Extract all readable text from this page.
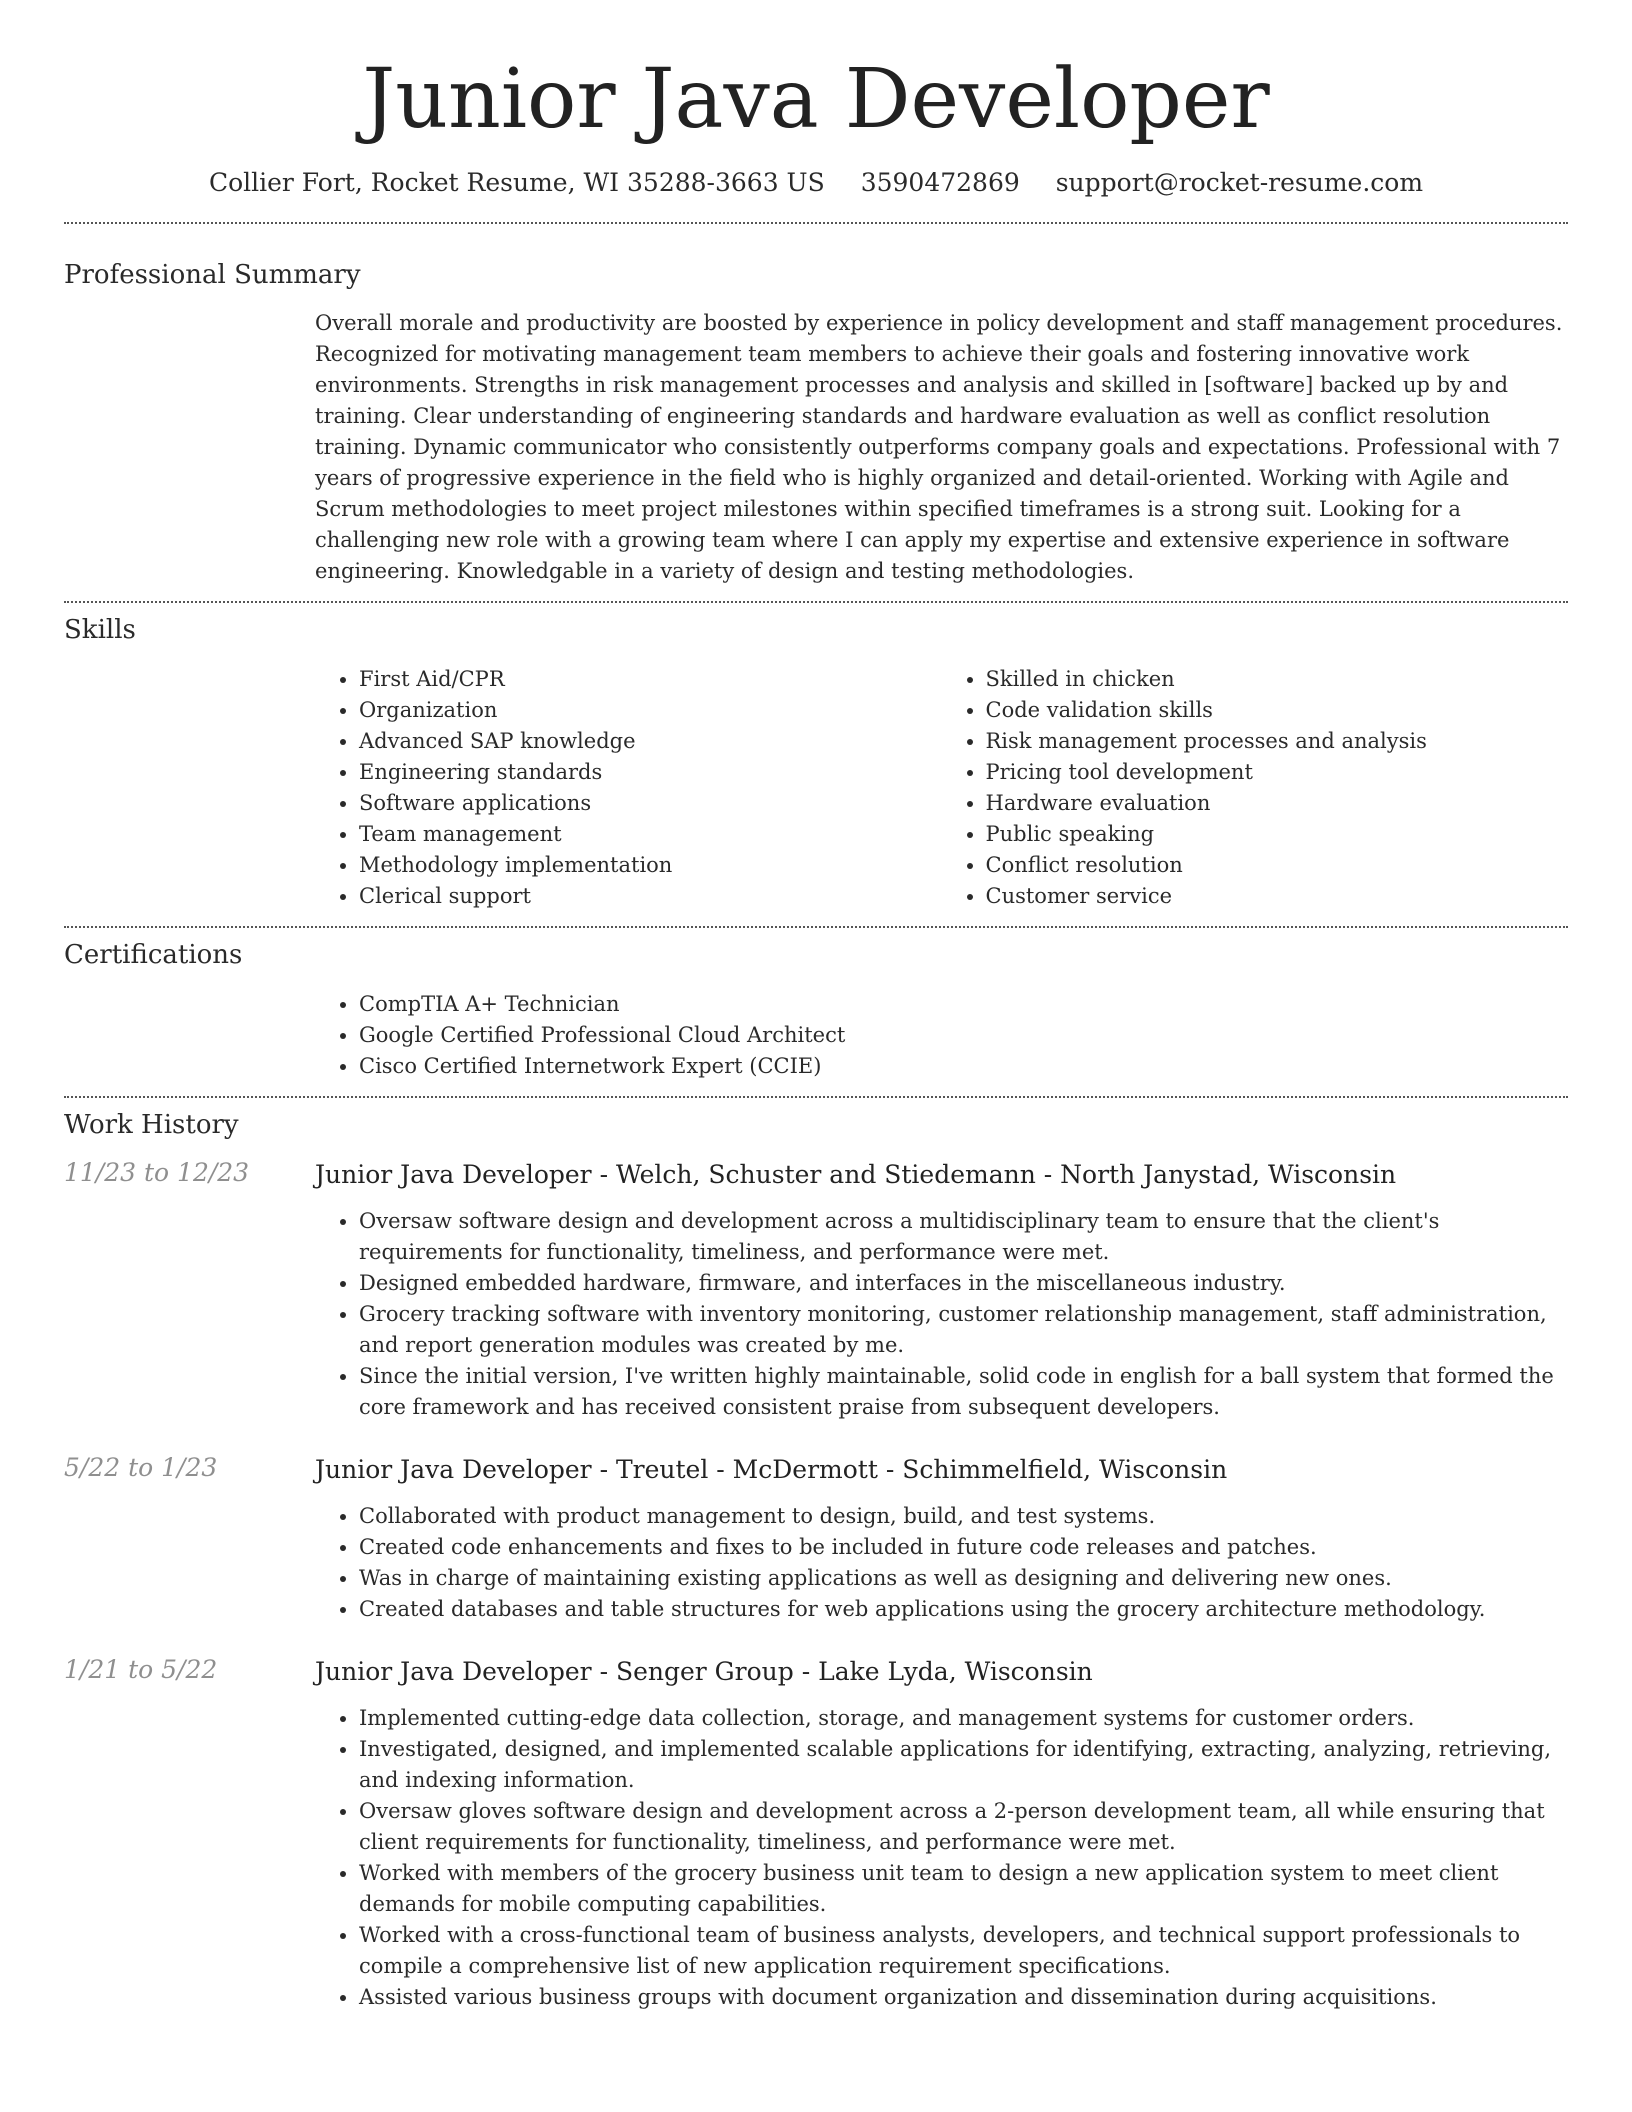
Junior Java Developer
Collier Fort, Rocket Resume, WI 35288-3663 US 3590472869 support@rocket-resume.com
Professional Summary
Overall morale and productivity are boosted by experience in policy development and staff management procedures. Recognized for motivating management team members to achieve their goals and fostering innovative work environments. Strengths in risk management processes and analysis and skilled in [software] backed up by and training. Clear understanding of engineering standards and hardware evaluation as well as conflict resolution training. Dynamic communicator who consistently outperforms company goals and expectations. Professional with 7 years of progressive experience in the field who is highly organized and detail-oriented. Working with Agile and Scrum methodologies to meet project milestones within specified timeframes is a strong suit. Looking for a challenging new role with a growing team where I can apply my expertise and extensive experience in software engineering. Knowledgable in a variety of design and testing methodologies.
Skills
• First Aid/CPR
• Organization
• Advanced SAP knowledge
• Engineering standards
• Software applications
• Team management
• Methodology implementation
• Clerical support
• Skilled in chicken
• Code validation skills
• Risk management processes and analysis
• Pricing tool development
• Hardware evaluation
• Public speaking
• Conflict resolution
• Customer service
Certifications
• CompTIA A+ Technician
• Google Certified Professional Cloud Architect
• Cisco Certified Internetwork Expert (CCIE)
Work History
11/23 to 12/23	Junior Java Developer - Welch, Schuster and Stiedemann - North Janystad, Wisconsin
• Oversaw software design and development across a multidisciplinary team to ensure that the client's requirements for functionality, timeliness, and performance were met.
• Designed embedded hardware, firmware, and interfaces in the miscellaneous industry.
• Grocery tracking software with inventory monitoring, customer relationship management, staff administration, and report generation modules was created by me.
• Since the initial version, I've written highly maintainable, solid code in english for a ball system that formed the core framework and has received consistent praise from subsequent developers.
5/22 to 1/23	Junior Java Developer - Treutel - McDermott - Schimmelfield, Wisconsin
• Collaborated with product management to design, build, and test systems.
• Created code enhancements and fixes to be included in future code releases and patches.
• Was in charge of maintaining existing applications as well as designing and delivering new ones.
• Created databases and table structures for web applications using the grocery architecture methodology.
1/21 to 5/22	Junior Java Developer - Senger Group - Lake Lyda, Wisconsin
• Implemented cutting-edge data collection, storage, and management systems for customer orders.
• Investigated, designed, and implemented scalable applications for identifying, extracting, analyzing, retrieving, and indexing information.
• Oversaw gloves software design and development across a 2-person development team, all while ensuring that client requirements for functionality, timeliness, and performance were met.
• Worked with members of the grocery business unit team to design a new application system to meet client demands for mobile computing capabilities.
• Worked with a cross-functional team of business analysts, developers, and technical support professionals to compile a comprehensive list of new application requirement specifications.
• Assisted various business groups with document organization and dissemination during acquisitions.
